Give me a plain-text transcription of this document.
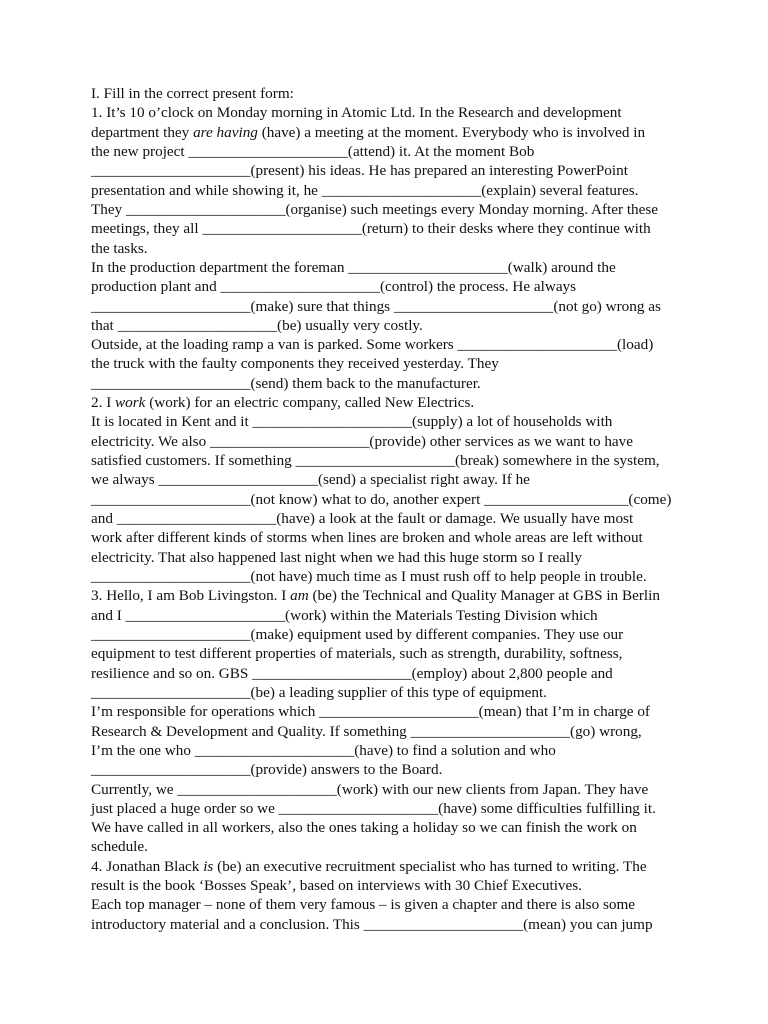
I. Fill in the correct present form:
1. It’s 10 o’clock on Monday morning in Atomic Ltd. In the Research and development
department they are having (have) a meeting at the moment. Everybody who is involved in
the new project _____________________(attend) it. At the moment Bob
_____________________(present) his ideas. He has prepared an interesting PowerPoint
presentation and while showing it, he _____________________(explain) several features.
They _____________________(organise) such meetings every Monday morning. After these
meetings, they all _____________________(return) to their desks where they continue with
the tasks.
In the production department the foreman _____________________(walk) around the
production plant and _____________________(control) the process. He always
_____________________(make) sure that things _____________________(not go) wrong as
that _____________________(be) usually very costly.
Outside, at the loading ramp a van is parked. Some workers _____________________(load)
the truck with the faulty components they received yesterday. They
_____________________(send) them back to the manufacturer.
2. I work (work) for an electric company, called New Electrics.
It is located in Kent and it _____________________(supply) a lot of households with
electricity. We also _____________________(provide) other services as we want to have
satisfied customers. If something _____________________(break) somewhere in the system,
we always _____________________(send) a specialist right away. If he
_____________________(not know) what to do, another expert ___________________(come)
and _____________________(have) a look at the fault or damage. We usually have most
work after different kinds of storms when lines are broken and whole areas are left without
electricity. That also happened last night when we had this huge storm so I really
_____________________(not have) much time as I must rush off to help people in trouble.
3. Hello, I am Bob Livingston. I am (be) the Technical and Quality Manager at GBS in Berlin
and I _____________________(work) within the Materials Testing Division which
_____________________(make) equipment used by different companies. They use our
equipment to test different properties of materials, such as strength, durability, softness,
resilience and so on. GBS _____________________(employ) about 2,800 people and
_____________________(be) a leading supplier of this type of equipment.
I’m responsible for operations which _____________________(mean) that I’m in charge of
Research & Development and Quality. If something _____________________(go) wrong,
I’m the one who _____________________(have) to find a solution and who
_____________________(provide) answers to the Board.
Currently, we _____________________(work) with our new clients from Japan. They have
just placed a huge order so we _____________________(have) some difficulties fulfilling it.
We have called in all workers, also the ones taking a holiday so we can finish the work on
schedule.
4. Jonathan Black is (be) an executive recruitment specialist who has turned to writing. The
result is the book ‘Bosses Speak’, based on interviews with 30 Chief Executives.
Each top manager – none of them very famous – is given a chapter and there is also some
introductory material and a conclusion. This _____________________(mean) you can jump
